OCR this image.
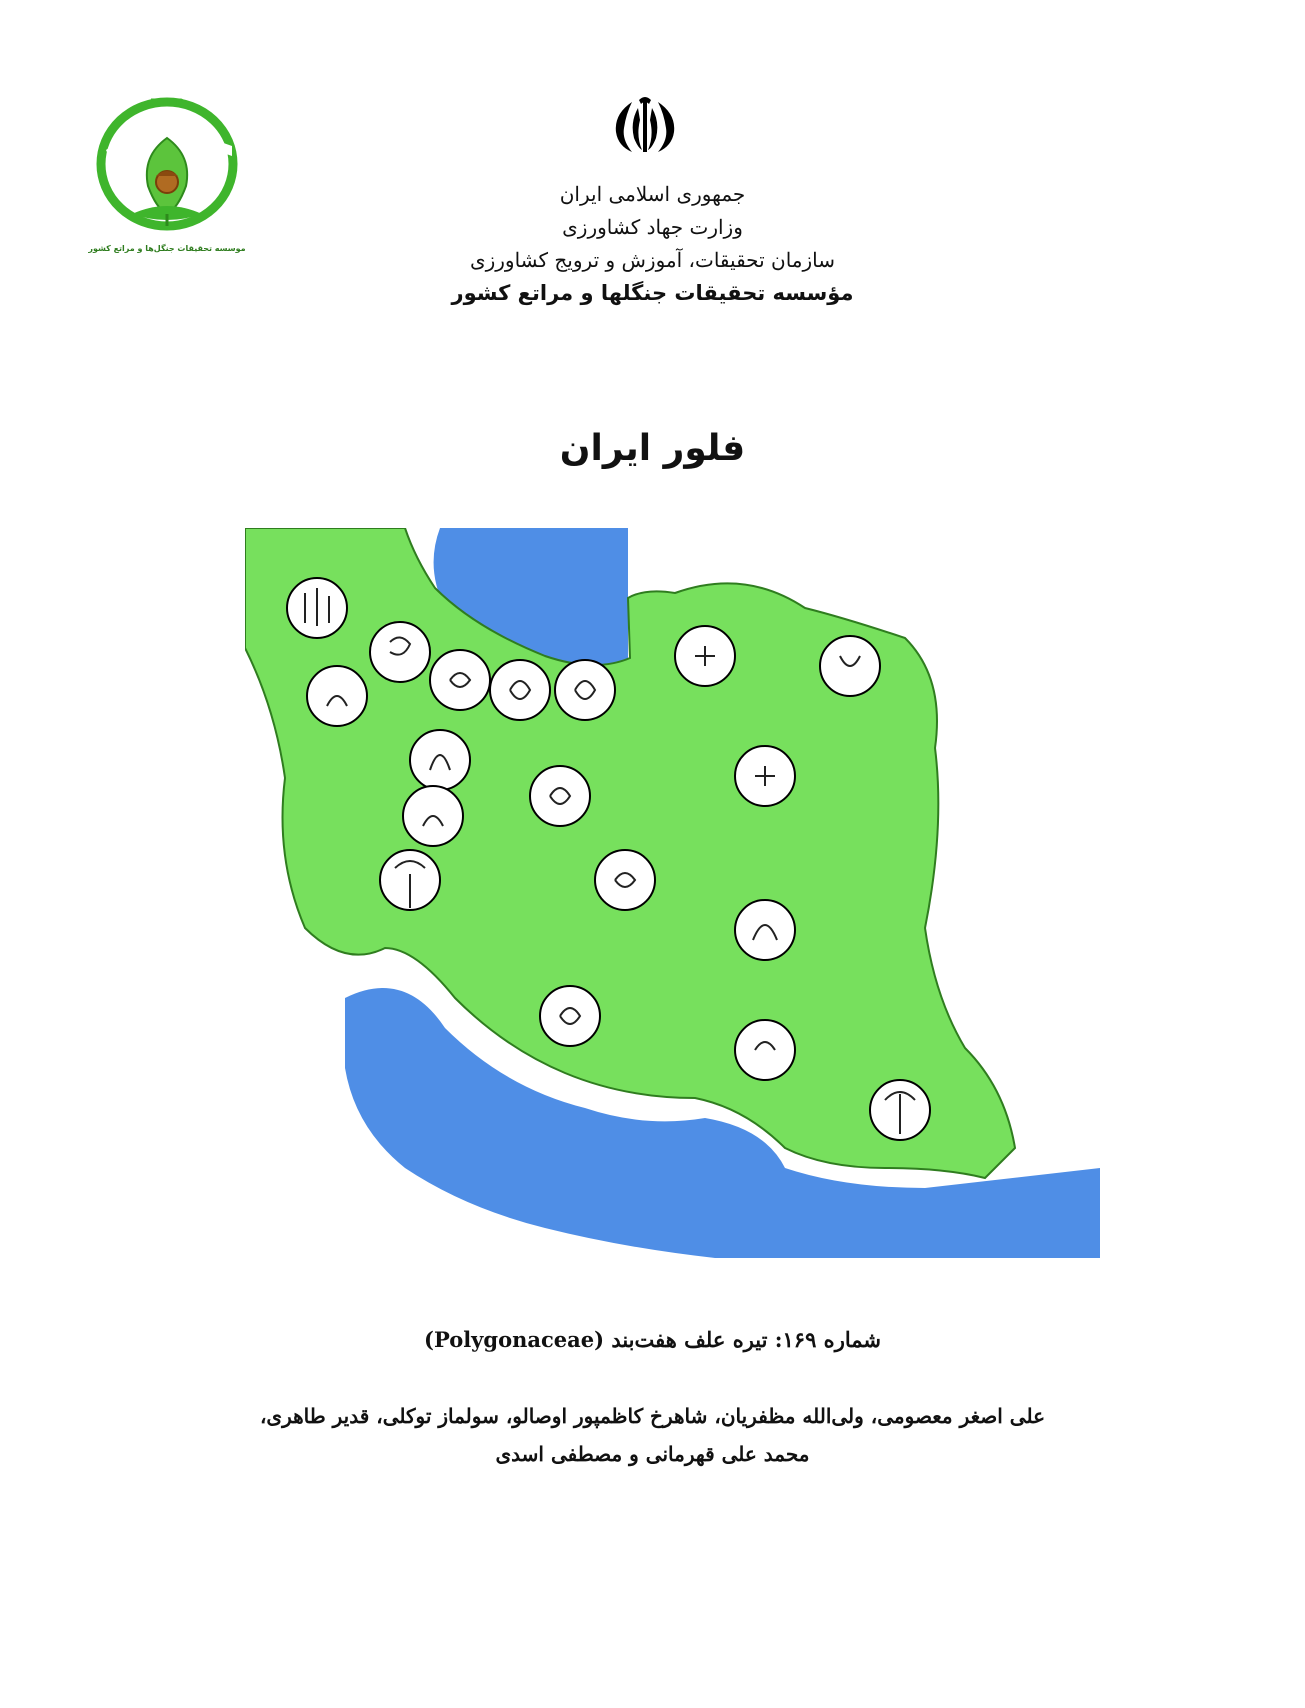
R.I.F.R
موسسه تحقیقات جنگل‌ها و مراتع کشور
جمهوری اسلامی ایران
وزارت جهاد کشاورزی
سازمان تحقیقات، آموزش و ترویج کشاورزی
مؤسسه تحقیقات جنگلها و مراتع کشور
فلور ایران
شماره ۱۶۹: تیره علف هفت‌بند (Polygonaceae)
علی اصغر معصومی، ولی‌الله مظفریان، شاهرخ کاظمپور اوصالو، سولماز توکلی، قدیر طاهری،
محمد علی قهرمانی و مصطفی اسدی
